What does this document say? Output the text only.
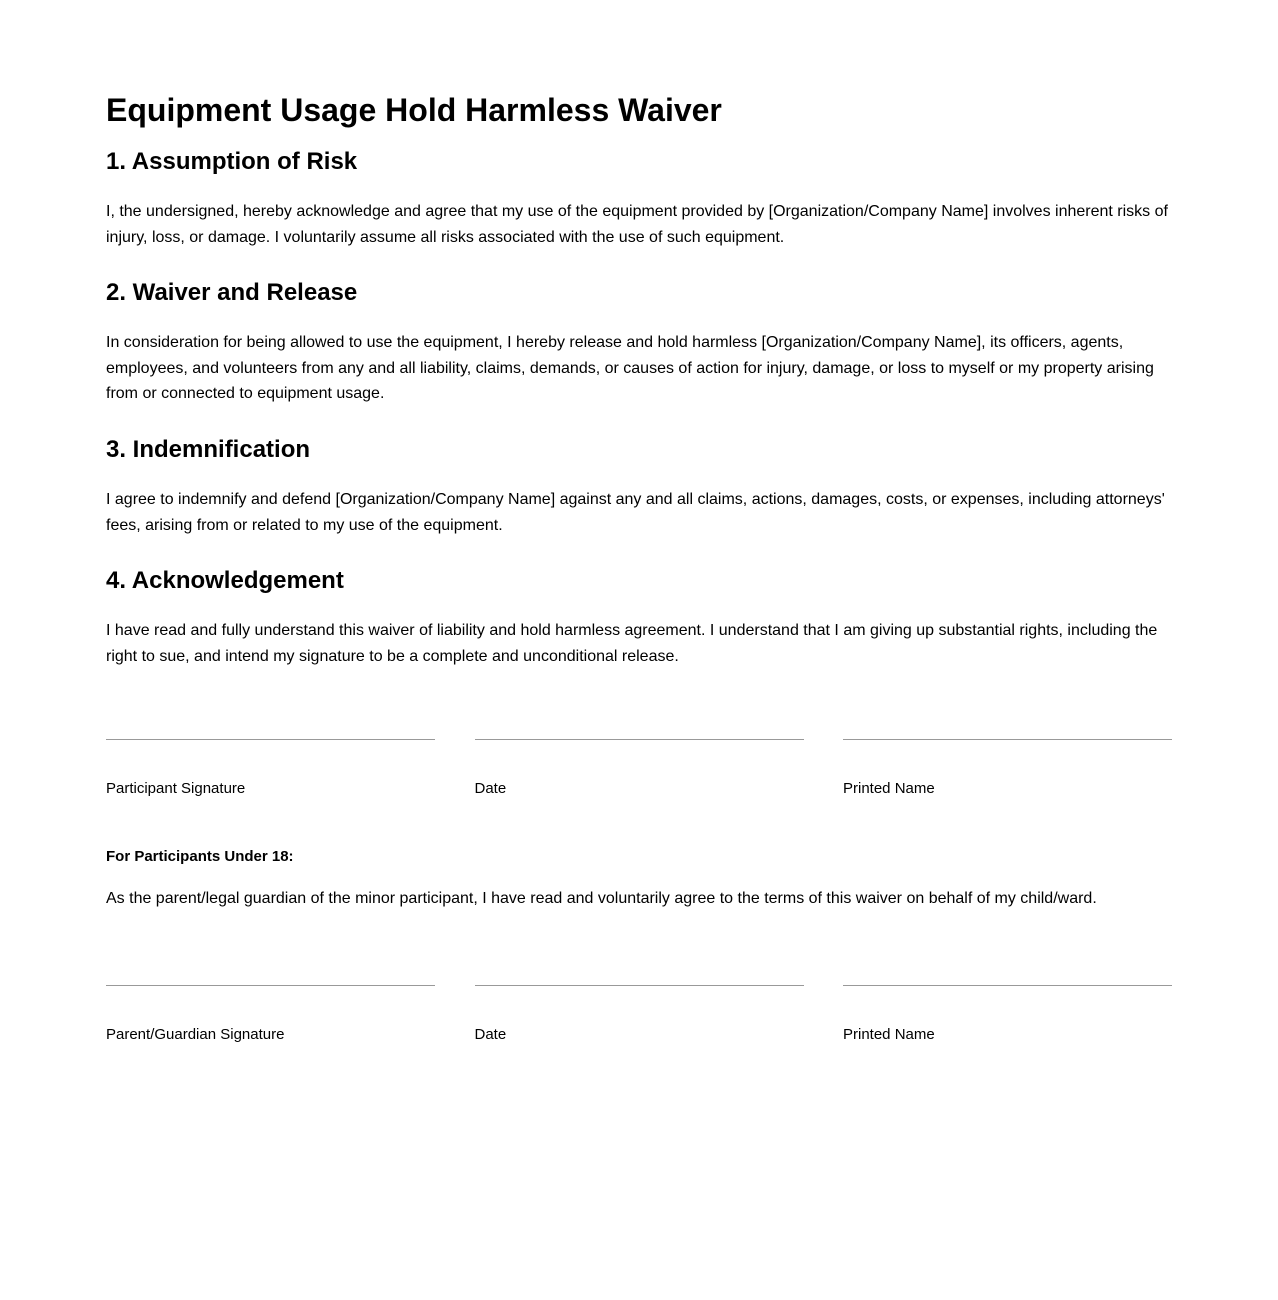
Equipment Usage Hold Harmless Waiver
1. Assumption of Risk

I, the undersigned, hereby acknowledge and agree that my use of the equipment provided by [Organization/Company Name] involves inherent risks of injury, loss, or damage. I voluntarily assume all risks associated with the use of such equipment.

2. Waiver and Release

In consideration for being allowed to use the equipment, I hereby release and hold harmless [Organization/Company Name], its officers, agents, employees, and volunteers from any and all liability, claims, demands, or causes of action for injury, damage, or loss to myself or my property arising from or connected to equipment usage.

3. Indemnification

I agree to indemnify and defend [Organization/Company Name] against any and all claims, actions, damages, costs, or expenses, including attorneys' fees, arising from or related to my use of the equipment.

4. Acknowledgement

I have read and fully understand this waiver of liability and hold harmless agreement. I understand that I am giving up substantial rights, including the right to sue, and intend my signature to be a complete and unconditional release.

Participant Signature	Date	Printed Name
For Participants Under 18:
As the parent/legal guardian of the minor participant, I have read and voluntarily agree to the terms of this waiver on behalf of my child/ward.
Parent/Guardian Signature	Date	Printed Name
